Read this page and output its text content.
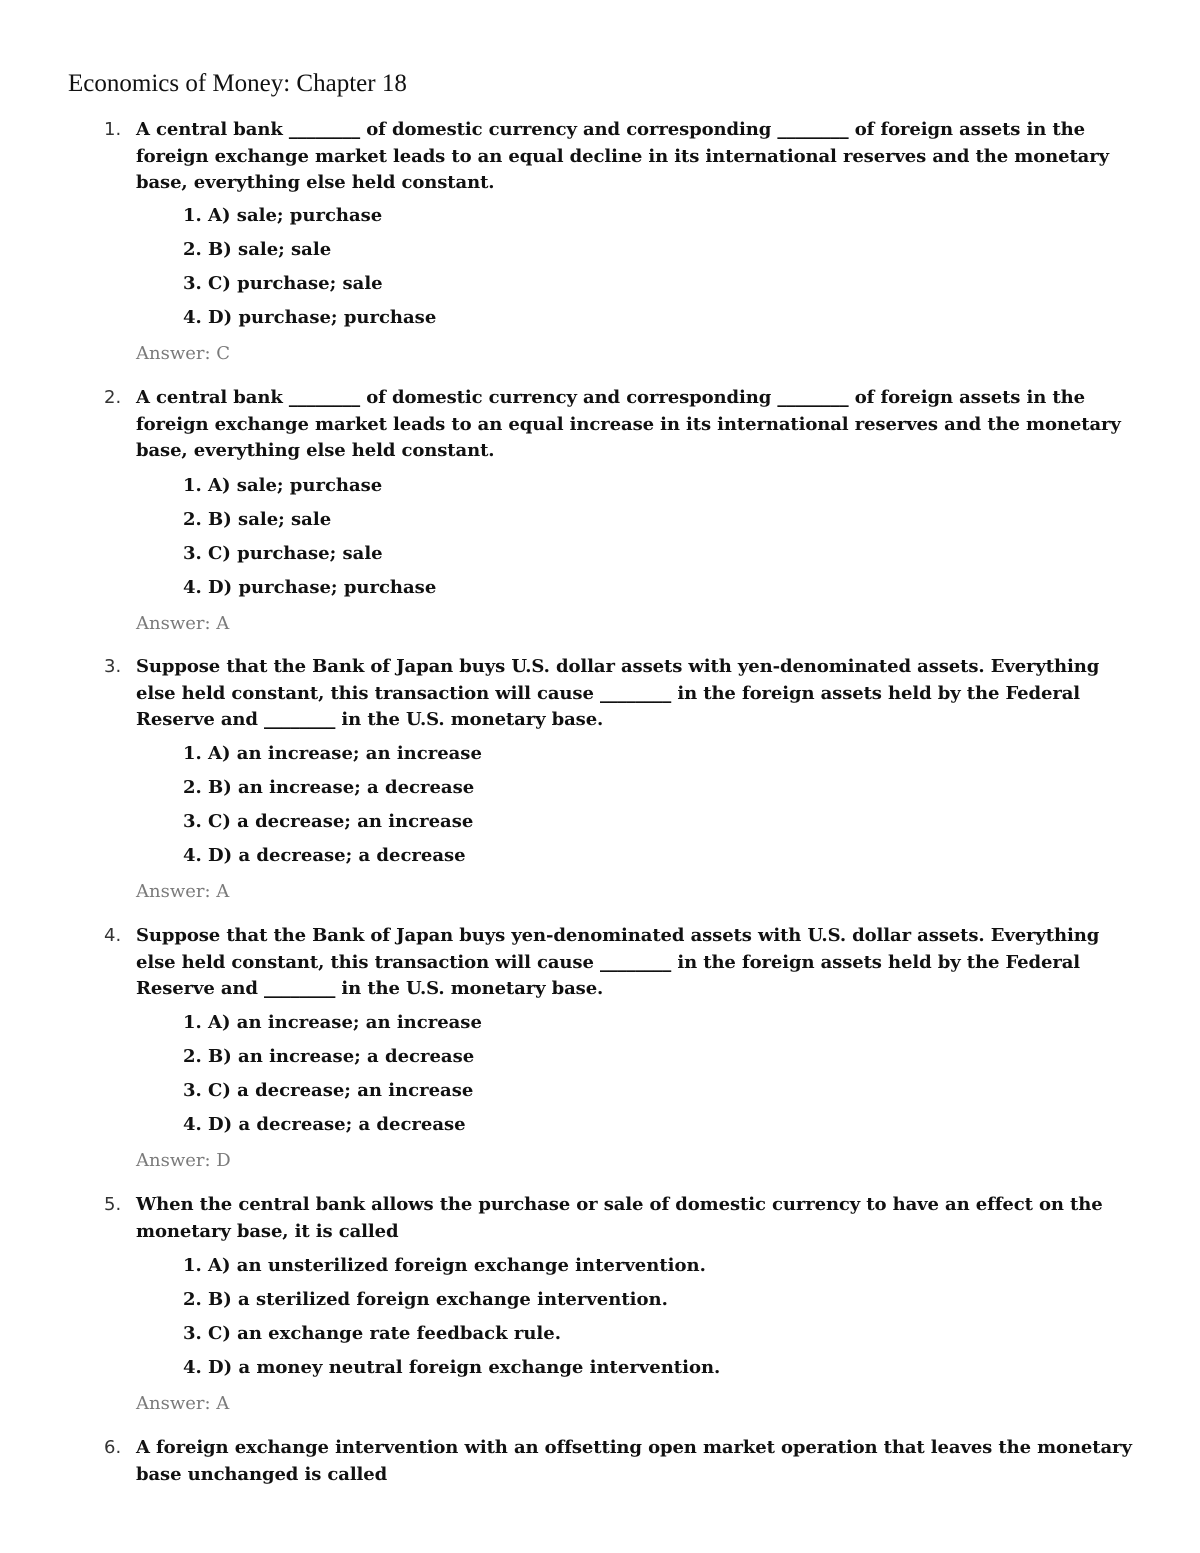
Economics of Money: Chapter 18
1. A central bank ________ of domestic currency and corresponding ________ of foreign assets in the foreign exchange market leads to an equal decline in its international reserves and the monetary base, everything else held constant.

1. A) sale; purchase
2. B) sale; sale
3. C) purchase; sale
4. D) purchase; purchase
Answer: C
2. A central bank ________ of domestic currency and corresponding ________ of foreign assets in the foreign exchange market leads to an equal increase in its international reserves and the monetary base, everything else held constant.

1. A) sale; purchase
2. B) sale; sale
3. C) purchase; sale
4. D) purchase; purchase
Answer: A
3. Suppose that the Bank of Japan buys U.S. dollar assets with yen-denominated assets. Everything else held constant, this transaction will cause ________ in the foreign assets held by the Federal Reserve and ________ in the U.S. monetary base.

1. A) an increase; an increase
2. B) an increase; a decrease
3. C) a decrease; an increase
4. D) a decrease; a decrease
Answer: A
4. Suppose that the Bank of Japan buys yen-denominated assets with U.S. dollar assets. Everything else held constant, this transaction will cause ________ in the foreign assets held by the Federal Reserve and ________ in the U.S. monetary base.

1. A) an increase; an increase
2. B) an increase; a decrease
3. C) a decrease; an increase
4. D) a decrease; a decrease
Answer: D
5. When the central bank allows the purchase or sale of domestic currency to have an effect on the monetary base, it is called

1. A) an unsterilized foreign exchange intervention.
2. B) a sterilized foreign exchange intervention.
3. C) an exchange rate feedback rule.
4. D) a money neutral foreign exchange intervention.
Answer: A
6. A foreign exchange intervention with an offsetting open market operation that leaves the monetary base unchanged is called
